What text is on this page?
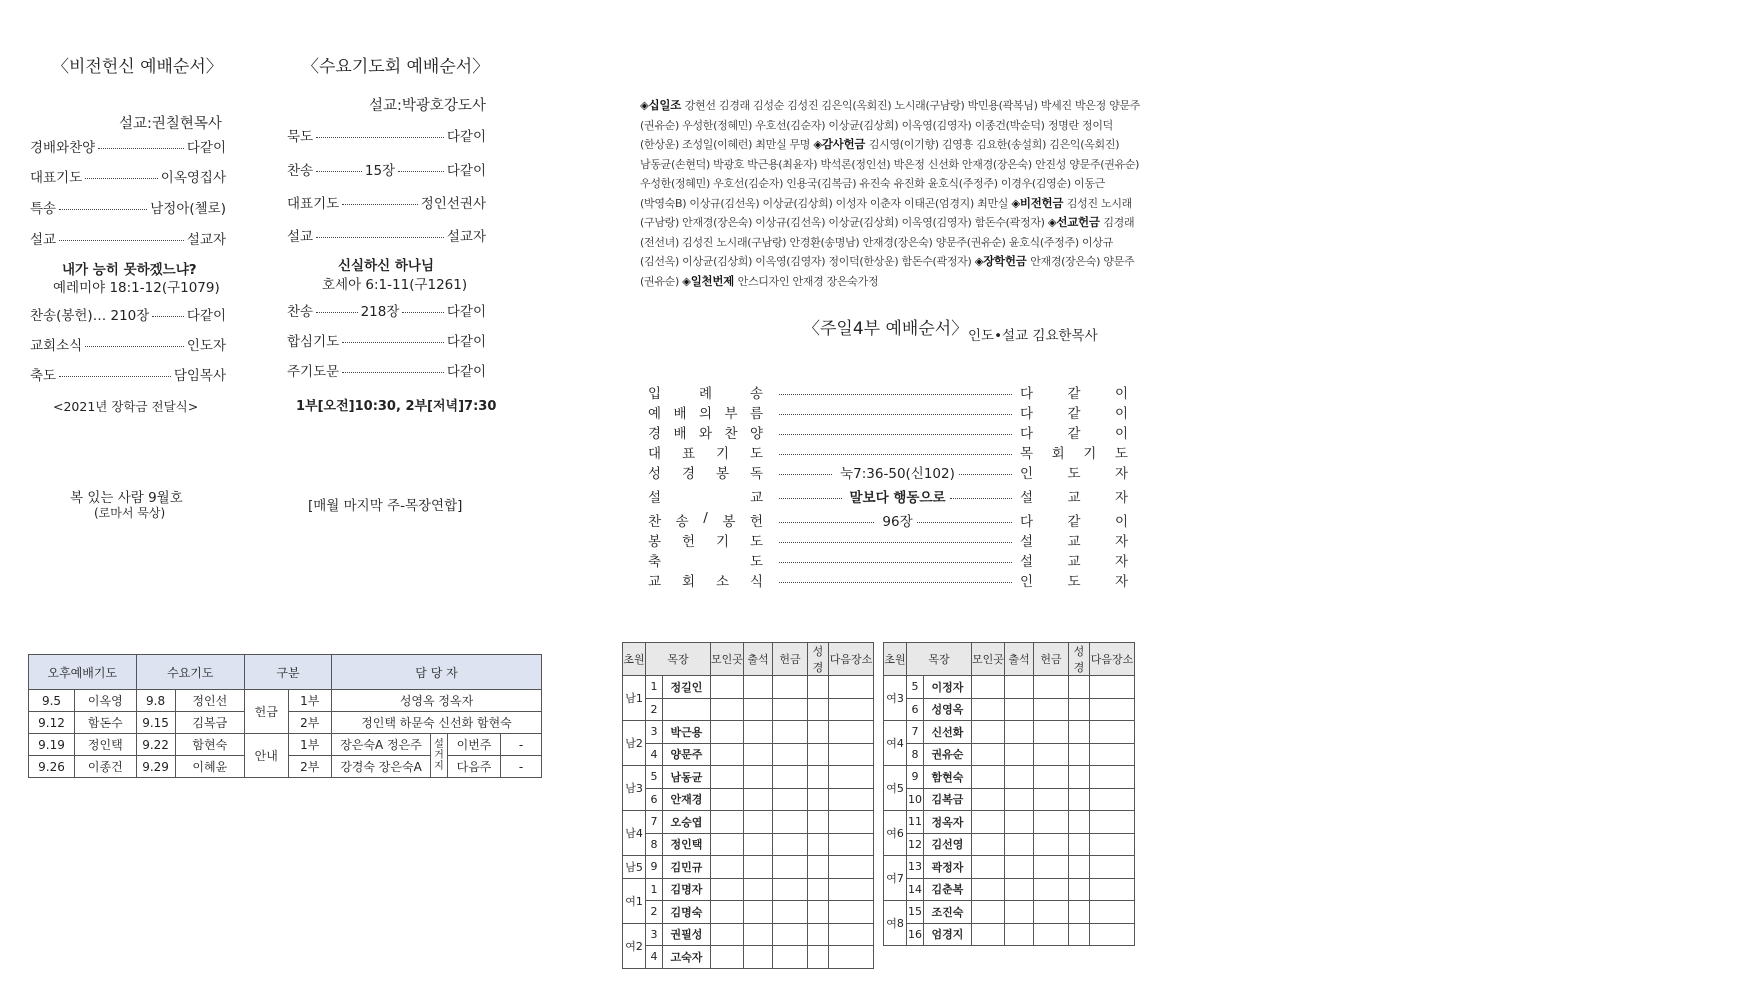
〈비전헌신 예배순서〉
설교:권칠현목사
경배와찬양	다같이
대표기도	이옥영집사
특송	남정아(첼로)
설교	설교자
내가 능히 못하겠느냐?
예레미야 18:1-12(구1079)
찬송(봉헌)… 210장	다같이
교회소식	인도자
축도	담임목사
<2021년 장학금 전달식>
복 있는 사람 9월호
(로마서 묵상)
〈수요기도회 예배순서〉
설교:박광호강도사
묵도	다같이
찬송	15장	다같이
대표기도	정인선권사
설교	설교자
신실하신 하나님
호세아 6:1-11(구1261)
찬송	218장	다같이
합심기도	다같이
주기도문	다같이
1부[오전]10:30, 2부[저녁]7:30
[매월 마지막 주-목장연합]
◈십일조 강현선 김경래 김성순 김성진 김은익(옥회진) 노시래(구남랑) 박민용(곽복님) 박세진 박은정 양문주(권유순) 우성한(정혜민) 우호선(김순자) 이상균(김상희) 이옥영(김영자) 이종건(박순덕) 정명란 정이덕(한상운) 조성일(이혜런) 최만실 무명 ◈감사헌금 김시영(이기향) 김영흥 김요한(송설희) 김은익(옥회진) 남동균(손현덕) 박광호 박근용(최윤자) 박석론(정인선) 박은정 신선화 안재경(장은숙) 안진성 양문주(권유순) 우성한(정혜민) 우호선(김순자) 인용국(김복금) 유진숙 유진화 윤호식(주정주) 이경우(김영순) 이동근(박영숙B) 이상규(김선옥) 이상균(김상희) 이성자 이춘자 이태곤(엄경지) 최만실 ◈비전헌금 김성진 노시래(구남랑) 안재경(장은숙) 이상규(김선옥) 이상균(김상희) 이옥영(김영자) 함돈수(곽정자) ◈선교헌금 김경래(전선녀) 김성진 노시래(구남랑) 안경환(송명남) 안재경(장은숙) 양문주(권유순) 윤호식(주정주) 이상규(김선옥) 이상균(김상희) 이옥영(김영자) 정이덕(한상운) 함돈수(곽정자) ◈장학헌금 안재경(장은숙) 양문주(권유순) ◈일천번제 안스디자인 안재경 장은숙가정
〈주일4부 예배순서〉 인도•설교 김요한목사
입	례	송	다	같	이
예 배 의 부 름	다	같	이
경 배 와 찬 양	다	같	이
대 표 기 도	목 회 기 도
성 경 봉 독	눅7:36-50(신102)	인	도	자
설	교	말보다 행동으로	설	교	자
찬 송 / 봉 헌	96장	다	같	이
봉 헌 기 도	설	교	자
축	도	설	교	자
교 회 소 식	인	도	자
오후예배기도		수요기도		구분		담 당 자			
9.5	이옥영	9.8	정인선	헌금	1부	성영옥 정옥자			
9.12	함돈수	9.15	김복금		2부	정인택 하문숙 신선화 함현숙			
9.19	정인택	9.22	함현숙	안내	1부	장은숙A 정은주	설거지	이번주	-
9.26	이종건	9.29	이혜윤		2부	강경숙 장은숙A		다음주	-
초원	목장		모인곳	출석	헌금	성경	다음장소
남1	1	정길인					
	2						
남2	3	박근용					
	4	양문주					
남3	5	남동균					
	6	안재경					
남4	7	오승엽					
	8	정인택					
남5	9	김민규					
여1	1	김명자					
	2	김명숙					
여2	3	권필성					
	4	고숙자					
초원	목장		모인곳	출석	헌금	성경	다음장소
여3	5	이정자					
	6	성영옥					
여4	7	신선화					
	8	권유순					
여5	9	함현숙					
	10	김복금					
여6	11	정옥자					
	12	김선영					
여7	13	곽정자					
	14	김춘복					
여8	15	조진숙					
	16	엄경지					
